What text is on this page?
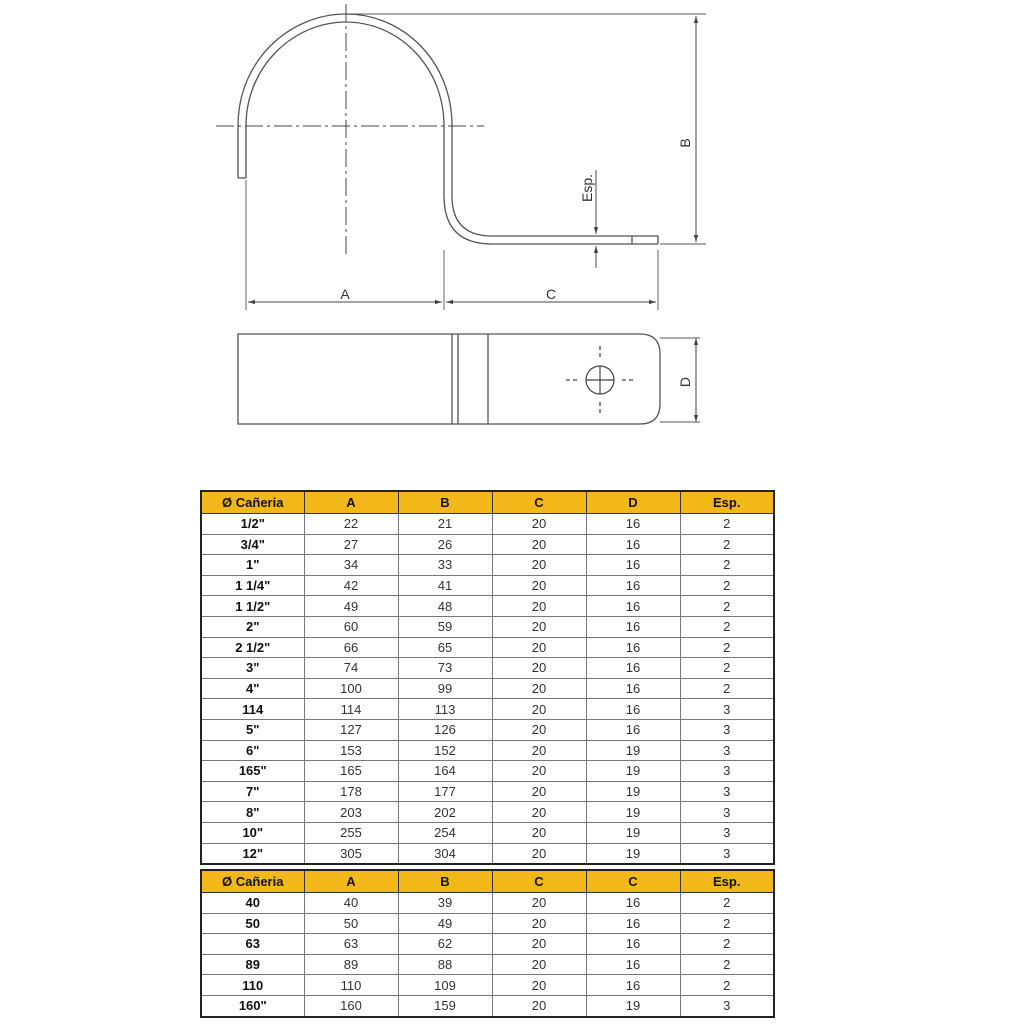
A	C
B
Esp.
D
Ø Cañeria	A	B	C	D	Esp.
1/2"	22	21	20	16	2
3/4"	27	26	20	16	2
1"	34	33	20	16	2
1 1/4"	42	41	20	16	2
1 1/2"	49	48	20	16	2
2"	60	59	20	16	2
2 1/2"	66	65	20	16	2
3"	74	73	20	16	2
4"	100	99	20	16	2
114	114	113	20	16	3
5"	127	126	20	16	3
6"	153	152	20	19	3
165"	165	164	20	19	3
7"	178	177	20	19	3
8"	203	202	20	19	3
10"	255	254	20	19	3
12"	305	304	20	19	3
Ø Cañeria	A	B	C	C	Esp.
40	40	39	20	16	2
50	50	49	20	16	2
63	63	62	20	16	2
89	89	88	20	16	2
110	110	109	20	16	2
160"	160	159	20	19	3
